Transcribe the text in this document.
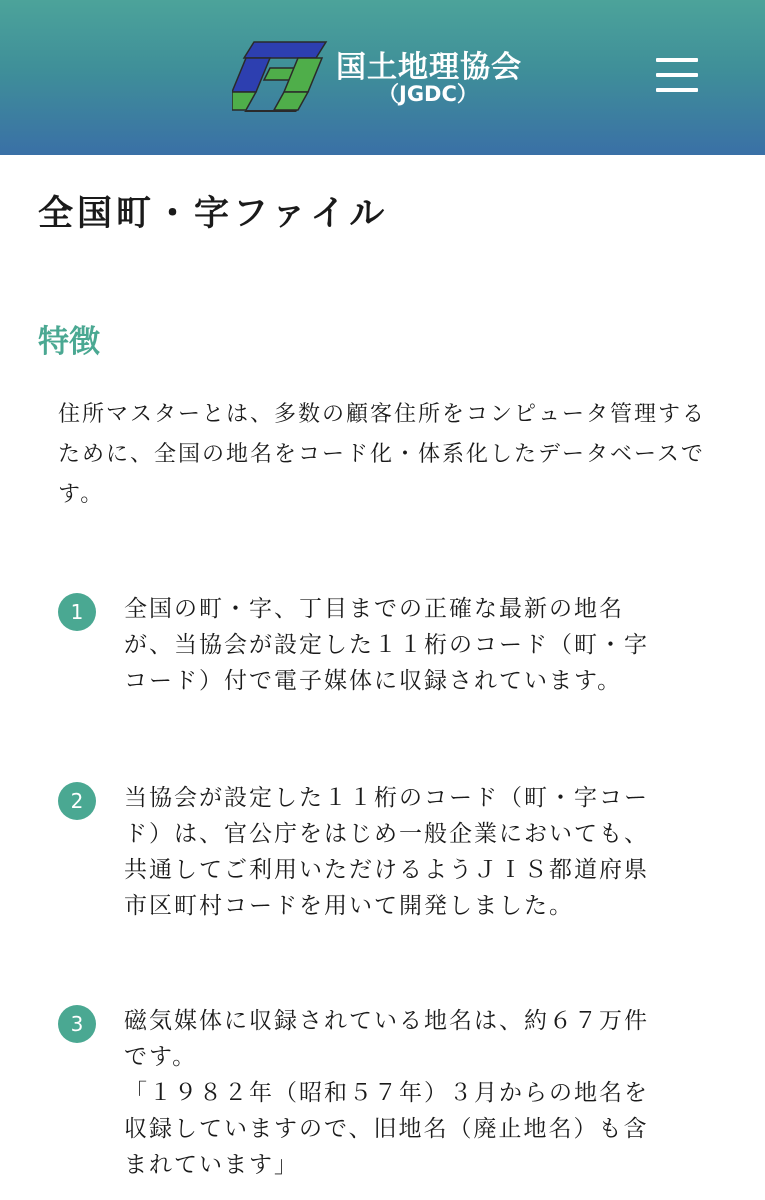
国土地理協会
（JGDC）
全国町・字ファイル
特徴

住所マスターとは、多数の顧客住所をコンピュータ管理するために、全国の地名をコード化・体系化したデータベースです。

1	全国の町・字、丁目までの正確な最新の地名が、当協会が設定した１１桁のコード（町・字コード）付で電子媒体に収録されています。

2	当協会が設定した１１桁のコード（町・字コード）は、官公庁をはじめ一般企業においても、共通してご利用いただけるようＪＩＳ都道府県市区町村コードを用いて開発しました。

3	磁気媒体に収録されている地名は、約６７万件です。
「１９８２年（昭和５７年）３月からの地名を収録していますので、旧地名（廃止地名）も含まれています」
